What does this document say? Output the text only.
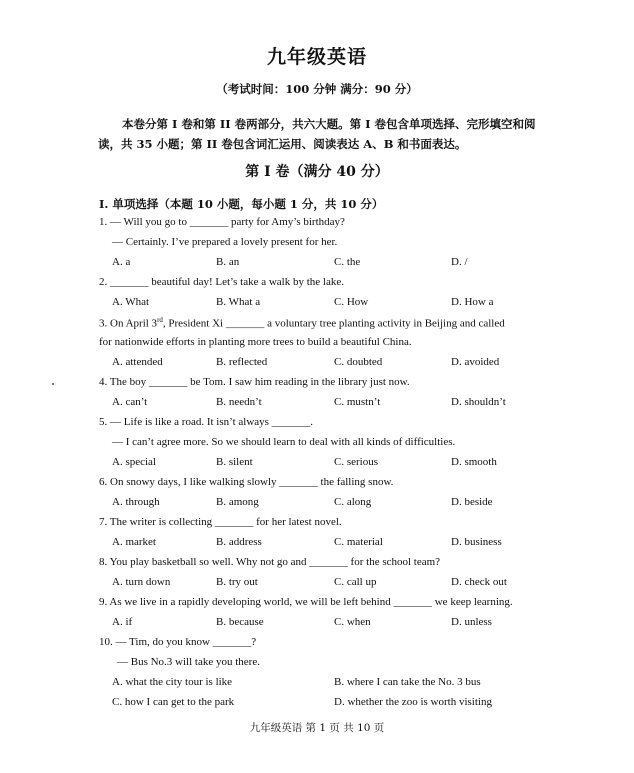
九年级英语
（考试时间：100 分钟 满分：90 分）
本卷分第 I 卷和第 II 卷两部分，共六大题。第 I 卷包含单项选择、完形填空和阅读，共 35 小题；第 II 卷包含词汇运用、阅读表达 A、B 和书面表达。
第 I 卷（满分 40 分）
I. 单项选择（本题 10 小题，每小题 1 分，共 10 分）
1. — Will you go to _______ party for Amy’s birthday?
— Certainly. I’ve prepared a lovely present for her.
A. a	B. an	C. the	D. /
2. _______ beautiful day! Let’s take a walk by the lake.
A. What	B. What a	C. How	D. How a
3. On April 3rd, President Xi _______ a voluntary tree planting activity in Beijing and called
for nationwide efforts in planting more trees to build a beautiful China.
A. attended	B. reflected	C. doubted	D. avoided
4. The boy _______ be Tom. I saw him reading in the library just now.
A. can’t	B. needn’t	C. mustn’t	D. shouldn’t
5. — Life is like a road. It isn’t always _______.
— I can’t agree more. So we should learn to deal with all kinds of difficulties.
A. special	B. silent	C. serious	D. smooth
6. On snowy days, I like walking slowly _______ the falling snow.
A. through	B. among	C. along	D. beside
7. The writer is collecting _______ for her latest novel.
A. market	B. address	C. material	D. business
8. You play basketball so well. Why not go and _______ for the school team?
A. turn down	B. try out	C. call up	D. check out
9. As we live in a rapidly developing world, we will be left behind _______ we keep learning.
A. if	B. because	C. when	D. unless
10. — Tim, do you know _______?
— Bus No.3 will take you there.
A. what the city tour is like	B. where I can take the No. 3 bus
C. how I can get to the park	D. whether the zoo is worth visiting
九年级英语 第 1 页 共 10 页
